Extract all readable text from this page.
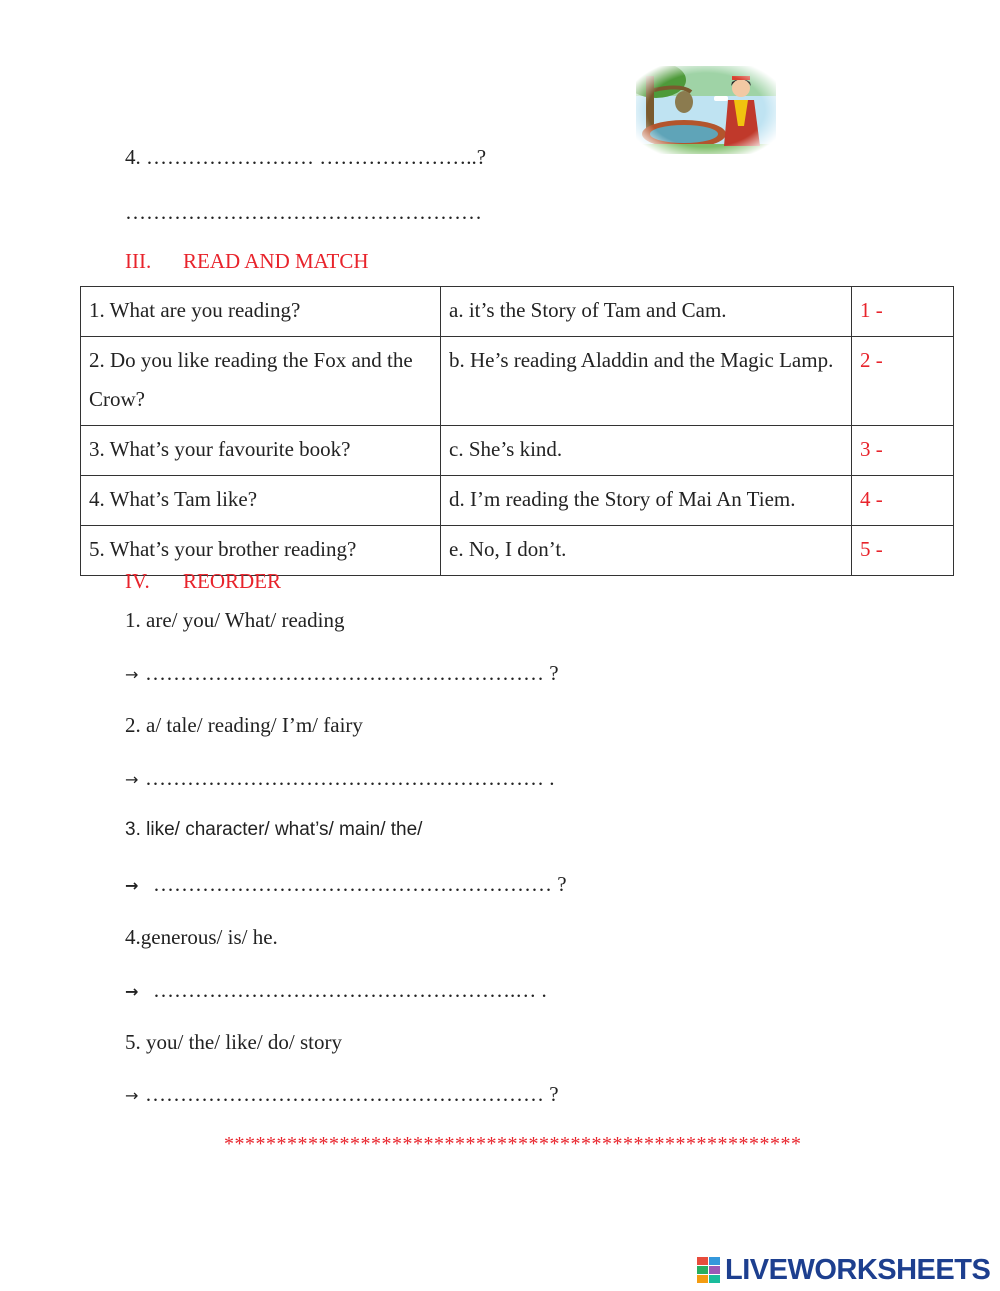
4. …………………… …………………..?
……………………………………………
III. READ AND MATCH
1. What are you reading?	a. it’s the Story of Tam and Cam.	1 -
2. Do you like reading the Fox and the Crow?	b. He’s reading Aladdin and the Magic Lamp.	2 -
3. What’s your favourite book?	c. She’s kind.	3 -
4. What’s Tam like?	d. I’m reading the Story of Mai An Tiem.	4 -
5. What’s your brother reading?	e. No, I don’t.	5 -
IV. REORDER
1. are/ you/ What/ reading
→ ………………………………………………… ?
2. a/ tale/ reading/ I’m/ fairy
→ ………………………………………………… .
3. like/ character/ what’s/ main/ the/
→ ………………………………………………… ?
4.generous/ is/ he.
→ …………………………………………….… .
5. you/ the/ like/ do/ story
→ ………………………………………………… ?
*******************************************************
LIVEWORKSHEETS
